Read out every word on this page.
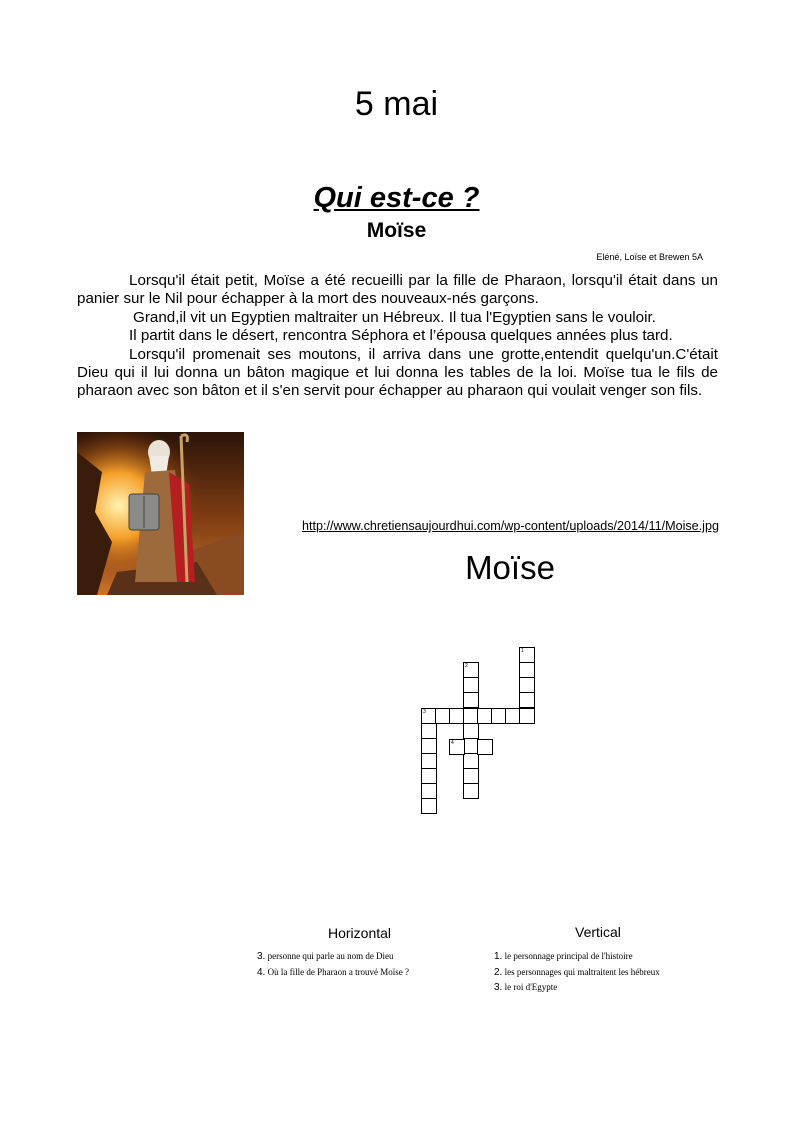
5 mai
Qui est-ce ?
Moïse
Eléné, Loïse et Brewen 5A

Lorsqu'il était petit, Moïse a été recueilli par la fille de Pharaon, lorsqu'il était dans un panier sur le Nil pour échapper à la mort des nouveaux-nés garçons.

Grand,il vit un Egyptien maltraiter un Hébreux. Il tua l'Egyptien sans le vouloir.

Il partit dans le désert, rencontra Séphora et l’épousa quelques années plus tard.

Lorsqu'il promenait ses moutons, il arriva dans une grotte,entendit quelqu'un.C'était Dieu qui il lui donna un bâton magique et lui donna les tables de la loi. Moïse tua le fils de pharaon avec son bâton et il s'en servit pour échapper au pharaon qui voulait venger son fils.

http://www.chretiensaujourdhui.com/wp-content/uploads/2014/11/Moise.jpg
Moïse
1
2
3
4
Horizontal
3. personne qui parle au nom de Dieu
4. Où la fille de Pharaon a trouvé Moïse ?
Vertical
1. le personnage principal de l'histoire
2. les personnages qui maltraitent les hébreux
3. le roi d'Egypte
